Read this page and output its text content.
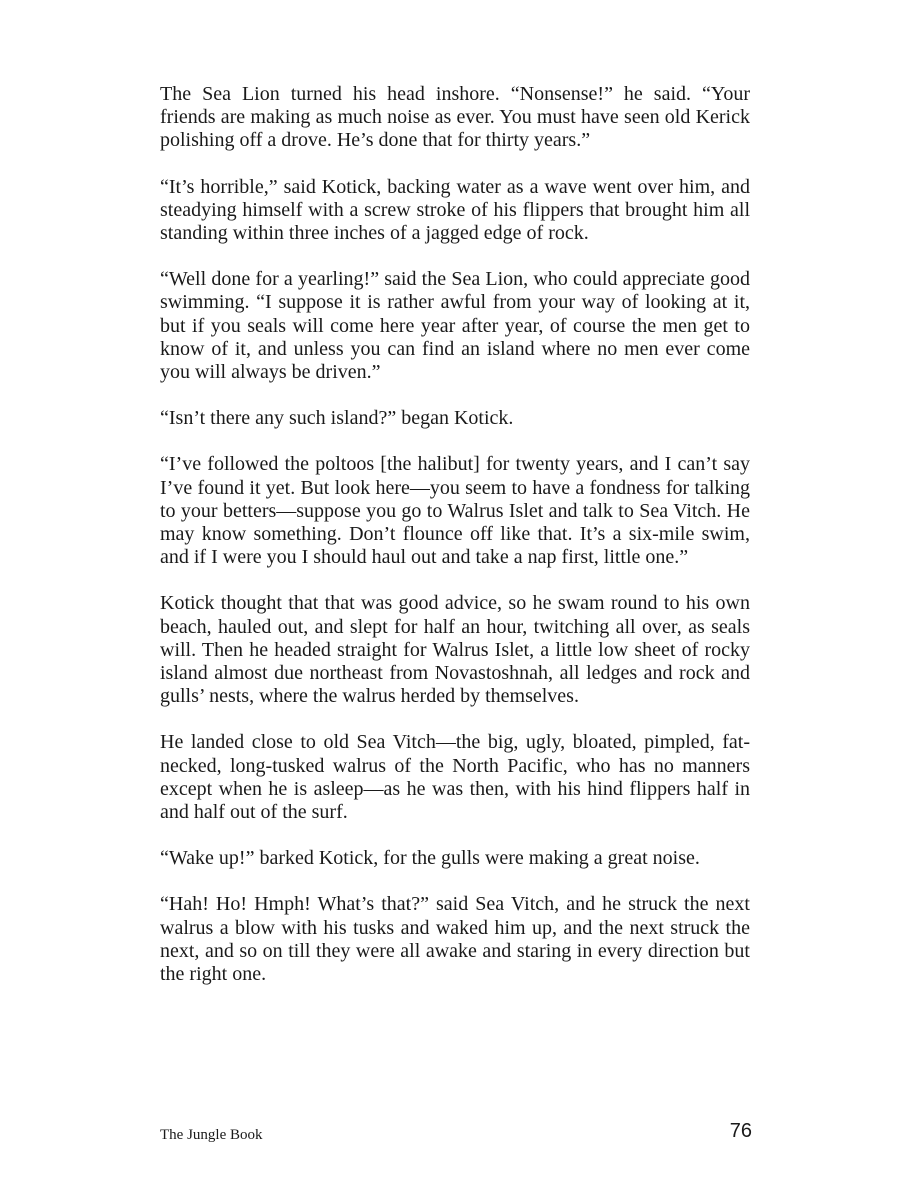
The Sea Lion turned his head inshore. “Nonsense!” he said. “Your friends are making as much noise as ever. You must have seen old Kerick polishing off a drove. He’s done that for thirty years.”

“It’s horrible,” said Kotick, backing water as a wave went over him, and steadying himself with a screw stroke of his flippers that brought him all standing within three inches of a jagged edge of rock.

“Well done for a yearling!” said the Sea Lion, who could appreciate good swimming. “I suppose it is rather awful from your way of looking at it, but if you seals will come here year after year, of course the men get to know of it, and unless you can find an island where no men ever come you will always be driven.”

“Isn’t there any such island?” began Kotick.

“I’ve followed the poltoos [the halibut] for twenty years, and I can’t say I’ve found it yet. But look here—you seem to have a fondness for talking to your betters—suppose you go to Walrus Islet and talk to Sea Vitch. He may know something. Don’t flounce off like that. It’s a six-mile swim, and if I were you I should haul out and take a nap first, little one.”

Kotick thought that that was good advice, so he swam round to his own beach, hauled out, and slept for half an hour, twitching all over, as seals will. Then he headed straight for Walrus Islet, a little low sheet of rocky island almost due northeast from Novastoshnah, all ledges and rock and gulls’ nests, where the walrus herded by themselves.

He landed close to old Sea Vitch—the big, ugly, bloated, pimpled, fat-necked, long-tusked walrus of the North Pacific, who has no manners except when he is asleep—as he was then, with his hind flippers half in and half out of the surf.

“Wake up!” barked Kotick, for the gulls were making a great noise.

“Hah! Ho! Hmph! What’s that?” said Sea Vitch, and he struck the next walrus a blow with his tusks and waked him up, and the next struck the next, and so on till they were all awake and staring in every direction but the right one.

The Jungle Book	76
